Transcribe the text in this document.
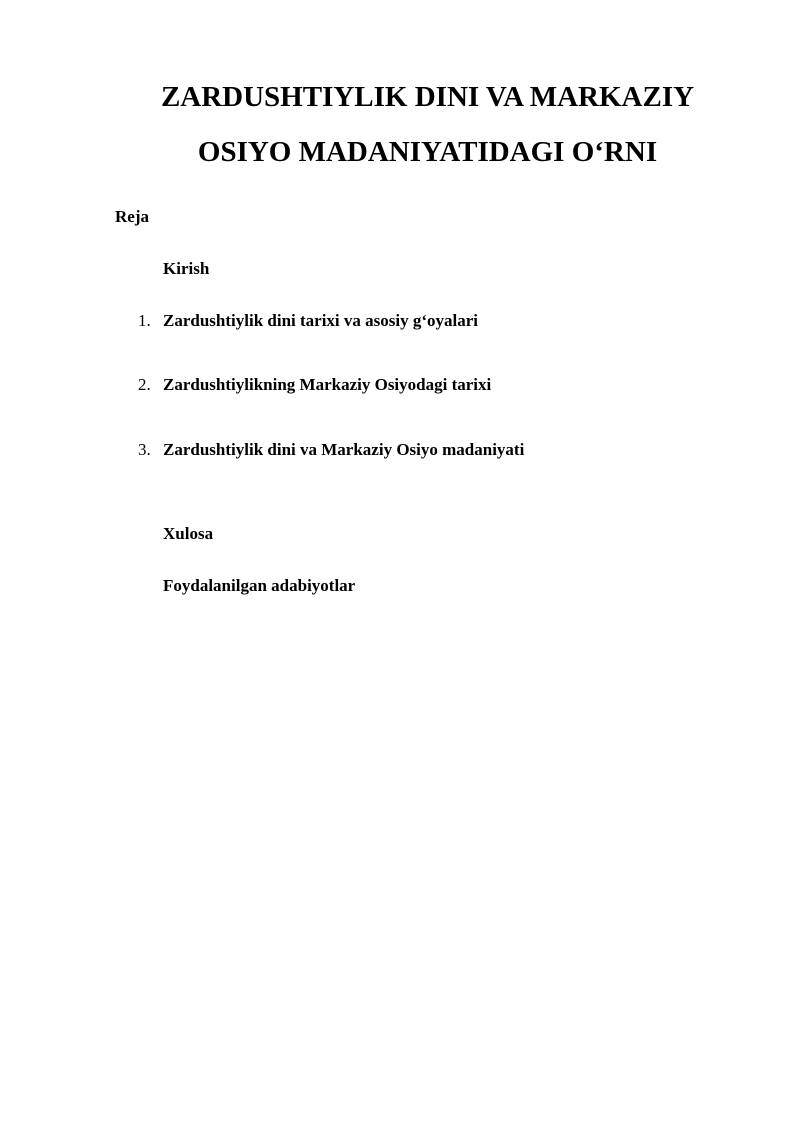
ZARDUSHTIYLIK DINI VA MARKAZIY
OSIYO MADANIYATIDAGI O‘RNI
Reja
Kirish
1. Zardushtiylik dini tarixi va asosiy g‘oyalari
2. Zardushtiylikning Markaziy Osiyodagi tarixi
3. Zardushtiylik dini va Markaziy Osiyo madaniyati
Xulosa
Foydalanilgan adabiyotlar
